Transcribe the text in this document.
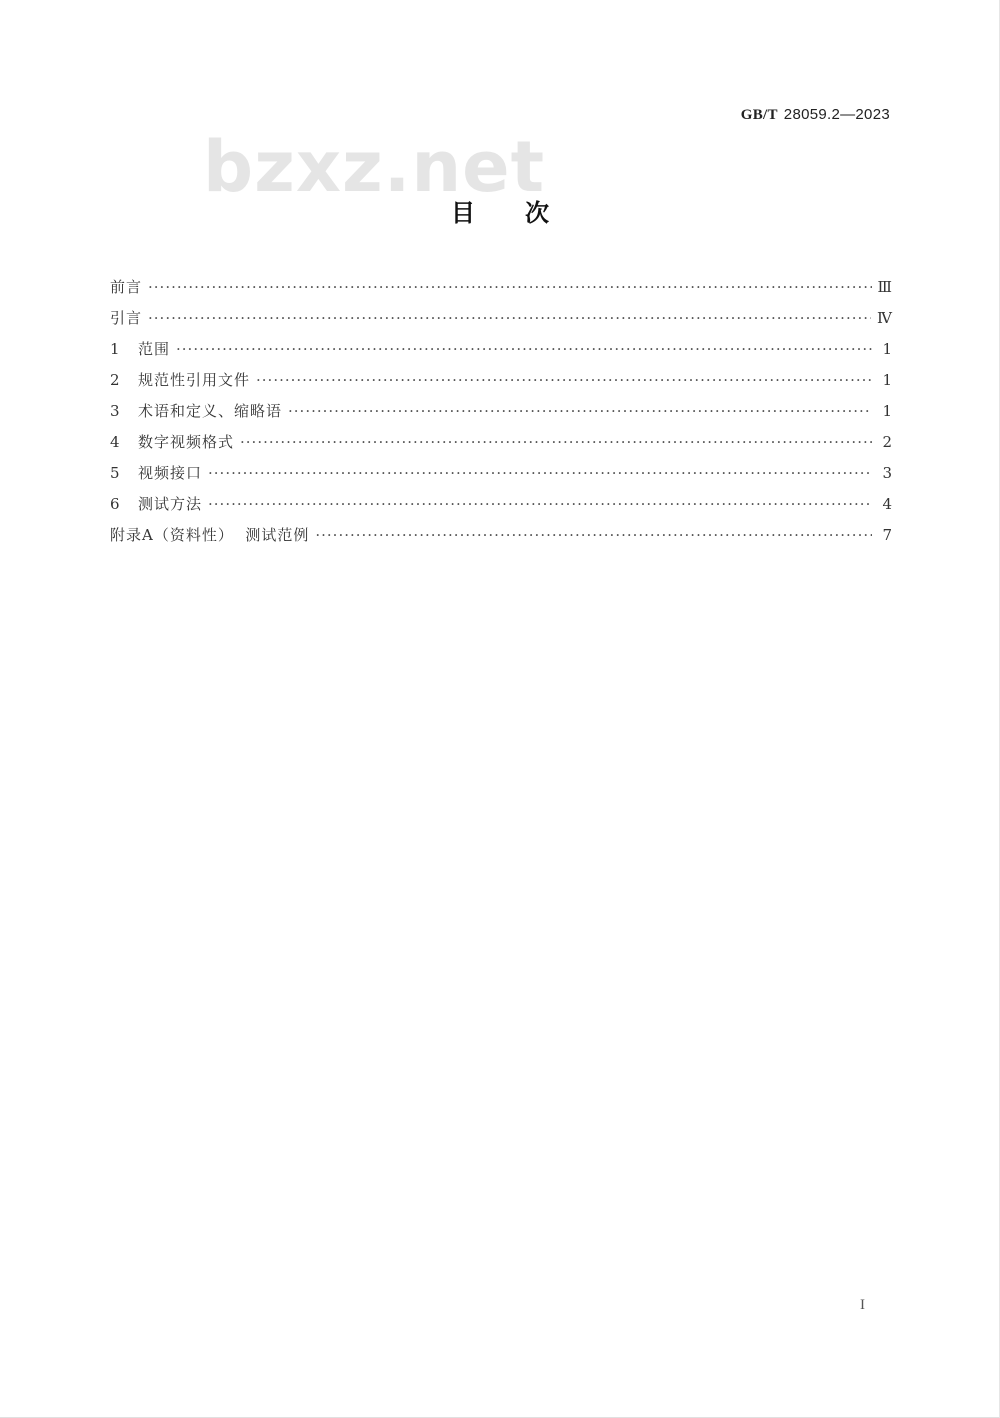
GB/T 28059.2—2023
bzxz.net
目次
前言 ·····	Ⅲ
引言 ·····	Ⅳ
1	范围 ·····	1
2	规范性引用文件 ·····	1
3	术语和定义、缩略语 ·····	1
4	数字视频格式 ·····	2
5	视频接口 ·····	3
6	测试方法 ·····	4
附录A（资料性）  测试范例 ·····	7
I
